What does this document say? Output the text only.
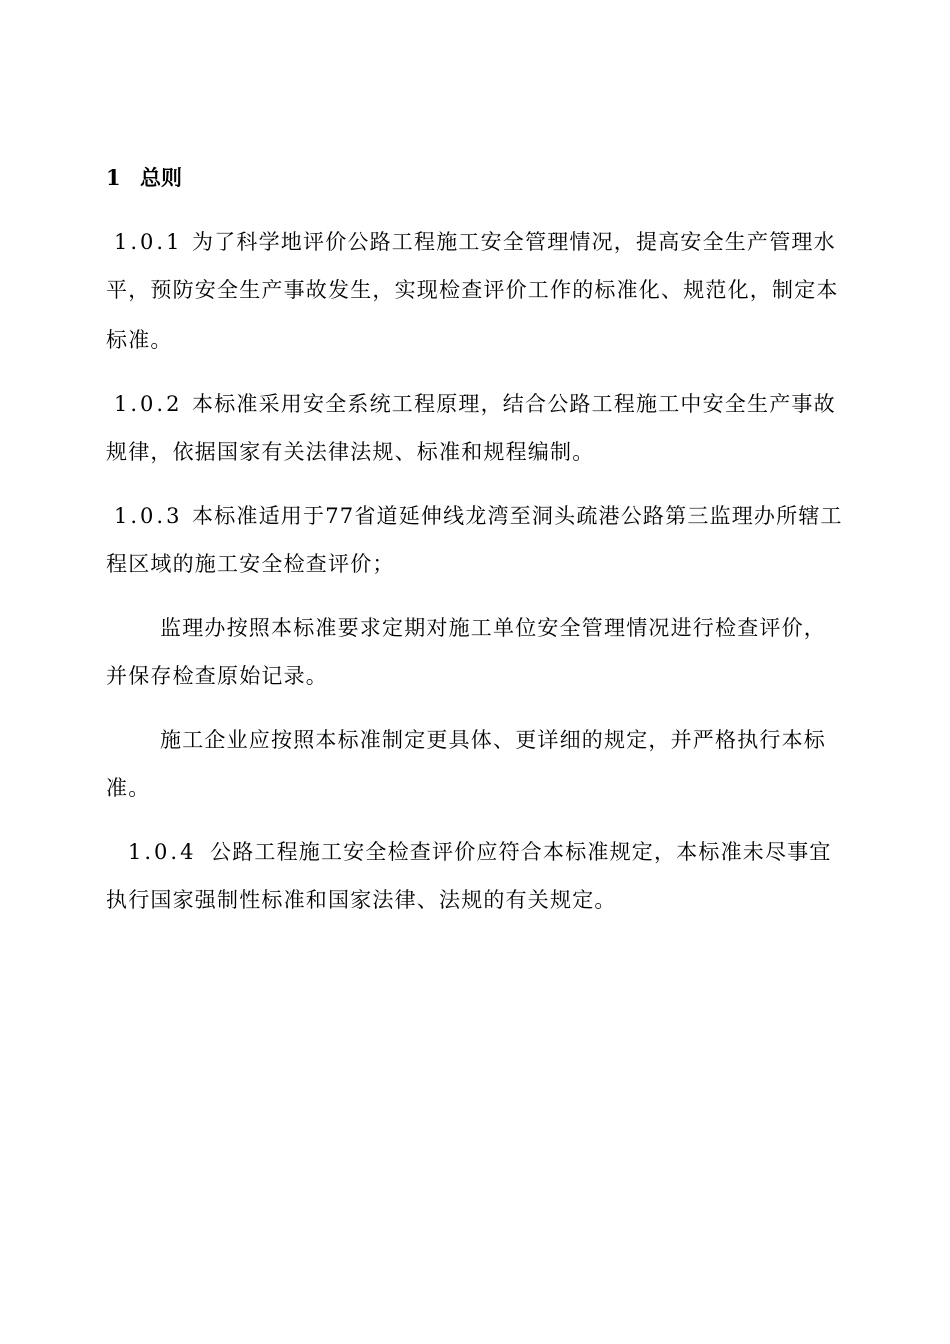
1 总则
1.0.1 为了科学地评价公路工程施工安全管理情况，提高安全生产管理水
平，预防安全生产事故发生，实现检查评价工作的标准化、规范化，制定本
标准。
1.0.2 本标准采用安全系统工程原理，结合公路工程施工中安全生产事故
规律，依据国家有关法律法规、标准和规程编制。
1.0.3 本标准适用于77省道延伸线龙湾至洞头疏港公路第三监理办所辖工
程区域的施工安全检查评价；
监理办按照本标准要求定期对施工单位安全管理情况进行检查评价，
并保存检查原始记录。
施工企业应按照本标准制定更具体、更详细的规定，并严格执行本标
准。
1.0.4 公路工程施工安全检查评价应符合本标准规定，本标准未尽事宜
执行国家强制性标准和国家法律、法规的有关规定。
